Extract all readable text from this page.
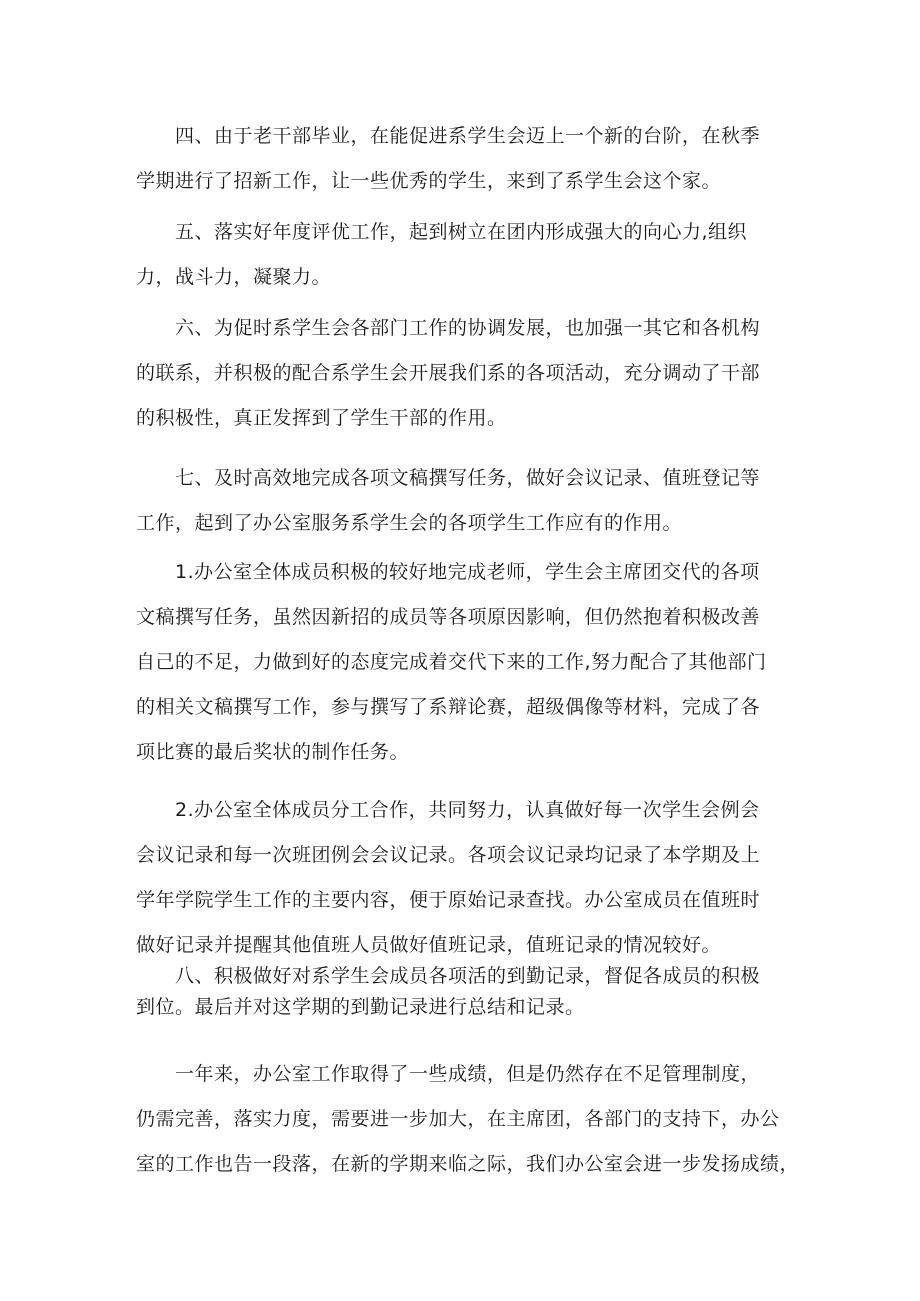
　　四、由于老干部毕业，在能促进系学生会迈上一个新的台阶，在秋季
学期进行了招新工作，让一些优秀的学生，来到了系学生会这个家。
　　五、落实好年度评优工作，起到树立在团内形成强大的向心力,组织
力，战斗力，凝聚力。
　　六、为促时系学生会各部门工作的协调发展，也加强一其它和各机构
的联系，并积极的配合系学生会开展我们系的各项活动，充分调动了干部
的积极性，真正发挥到了学生干部的作用。
　　七、及时高效地完成各项文稿撰写任务，做好会议记录、值班登记等
工作，起到了办公室服务系学生会的各项学生工作应有的作用。
　　1.办公室全体成员积极的较好地完成老师，学生会主席团交代的各项
文稿撰写任务，虽然因新招的成员等各项原因影响，但仍然抱着积极改善
自己的不足，力做到好的态度完成着交代下来的工作,努力配合了其他部门
的相关文稿撰写工作，参与撰写了系辩论赛，超级偶像等材料，完成了各
项比赛的最后奖状的制作任务。
　　2.办公室全体成员分工合作，共同努力，认真做好每一次学生会例会
会议记录和每一次班团例会会议记录。各项会议记录均记录了本学期及上
学年学院学生工作的主要内容，便于原始记录查找。办公室成员在值班时
做好记录并提醒其他值班人员做好值班记录，值班记录的情况较好。
　　八、积极做好对系学生会成员各项活的到勤记录，督促各成员的积极
到位。最后并对这学期的到勤记录进行总结和记录。
　　一年来，办公室工作取得了一些成绩，但是仍然存在不足管理制度，
仍需完善，落实力度，需要进一步加大，在主席团，各部门的支持下，办公
室的工作也告一段落，在新的学期来临之际，我们办公室会进一步发扬成绩，
